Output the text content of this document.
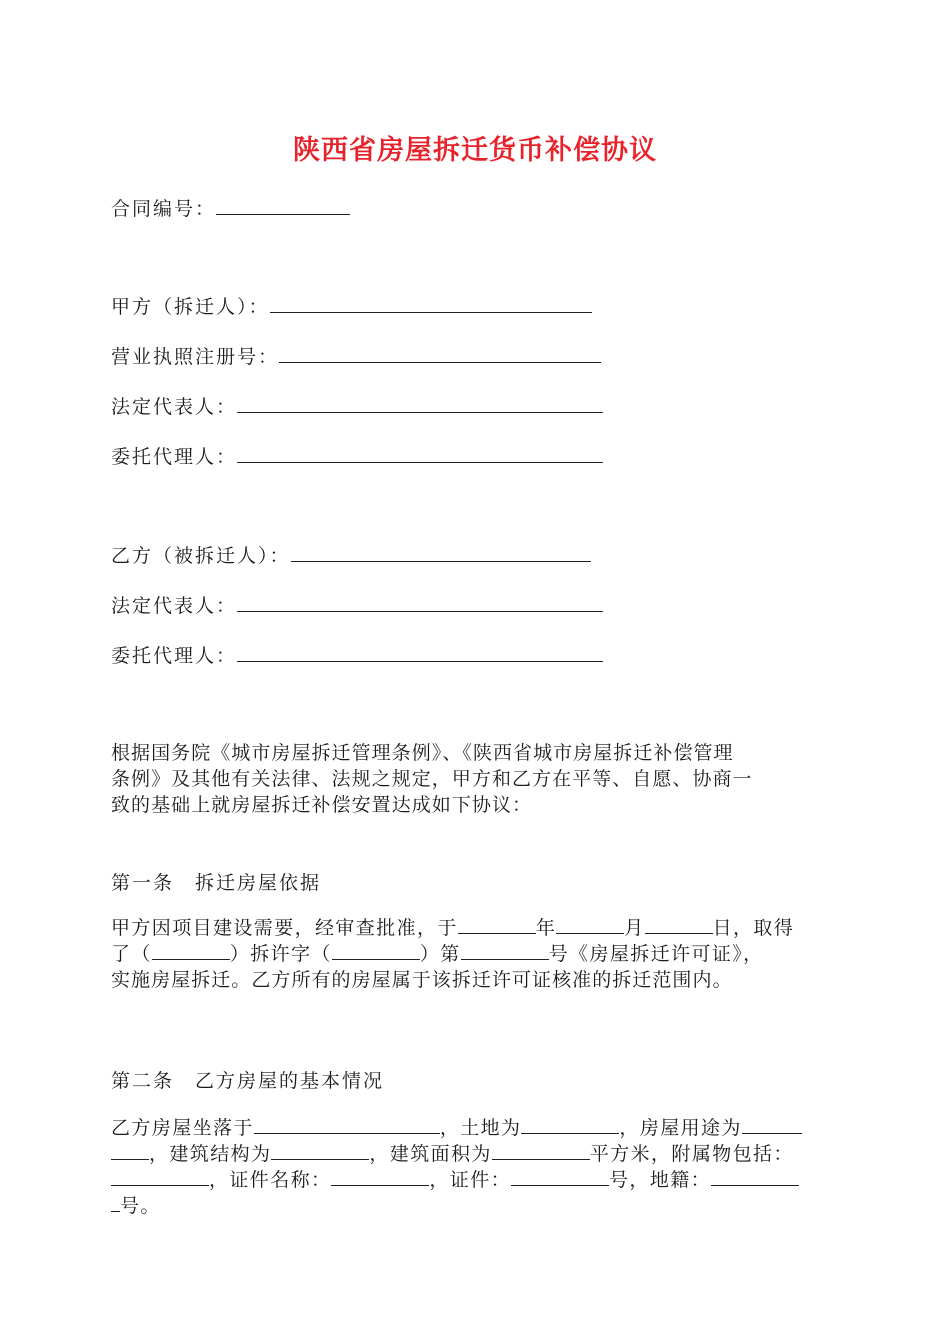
陕西省房屋拆迁货币补偿协议
合同编号：
甲方（拆迁人）：
营业执照注册号：
法定代表人：
委托代理人：
乙方（被拆迁人）：
法定代表人：
委托代理人：
根据国务院《城市房屋拆迁管理条例》、《陕西省城市房屋拆迁补偿管理
条例》及其他有关法律、法规之规定，甲方和乙方在平等、自愿、协商一
致的基础上就房屋拆迁补偿安置达成如下协议：
第一条　拆迁房屋依据
甲方因项目建设需要，经审查批准，于	年	月	日，取得
了（	）拆许字（	）第	号《房屋拆迁许可证》，
实施房屋拆迁。乙方所有的房屋属于该拆迁许可证核准的拆迁范围内。
第二条　乙方房屋的基本情况
乙方房屋坐落于	，土地为	，房屋用途为
，建筑结构为	，建筑面积为	平方米，附属物包括：
，证件名称：	，证件：	号，地籍：
号。
